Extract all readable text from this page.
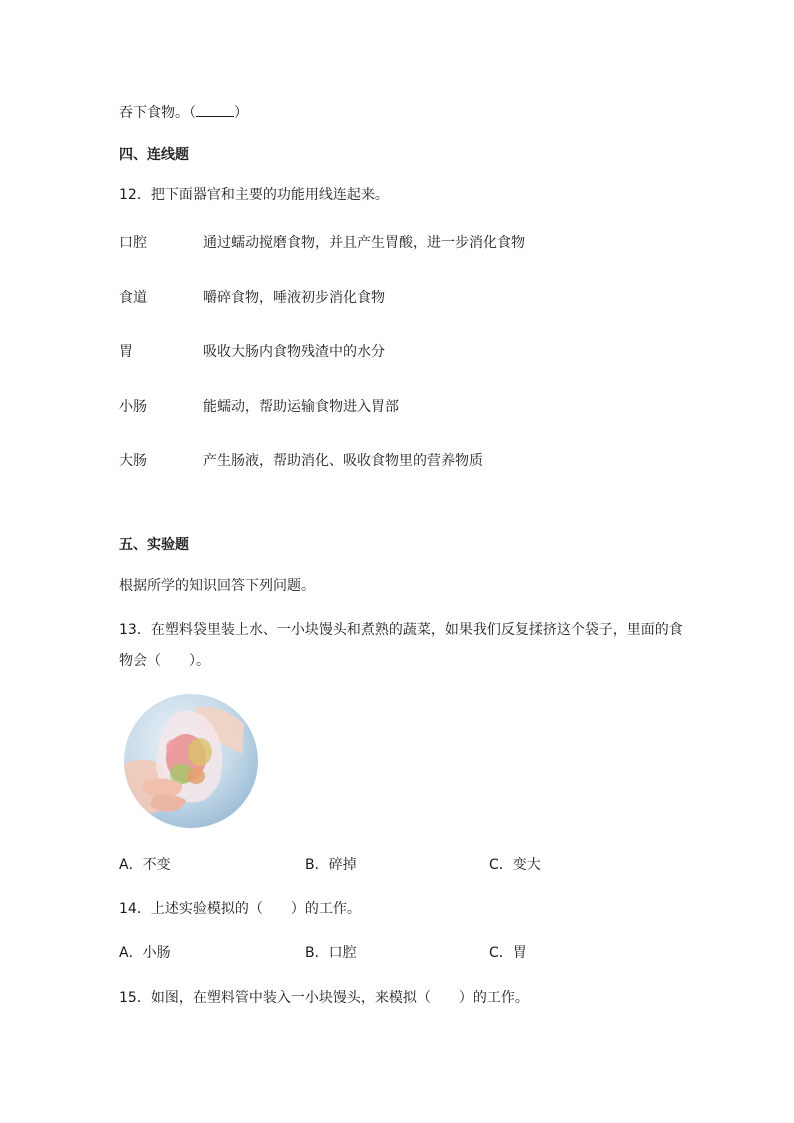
吞下食物。（	）
四、连线题
12．把下面器官和主要的功能用线连起来。
口腔	通过蠕动搅磨食物，并且产生胃酸，进一步消化食物
食道	嚼碎食物，唾液初步消化食物
胃	吸收大肠内食物残渣中的水分
小肠	能蠕动，帮助运输食物进入胃部
大肠	产生肠液，帮助消化、吸收食物里的营养物质
五、实验题
根据所学的知识回答下列问题。
13．在塑料袋里装上水、一小块馒头和煮熟的蔬菜，如果我们反复揉挤这个袋子，里面的食
物会（　　）。
A．不变	B．碎掉	C．变大
14．上述实验模拟的（　　）的工作。
A．小肠	B．口腔	C．胃
15．如图，在塑料管中装入一小块馒头，来模拟（　　）的工作。
